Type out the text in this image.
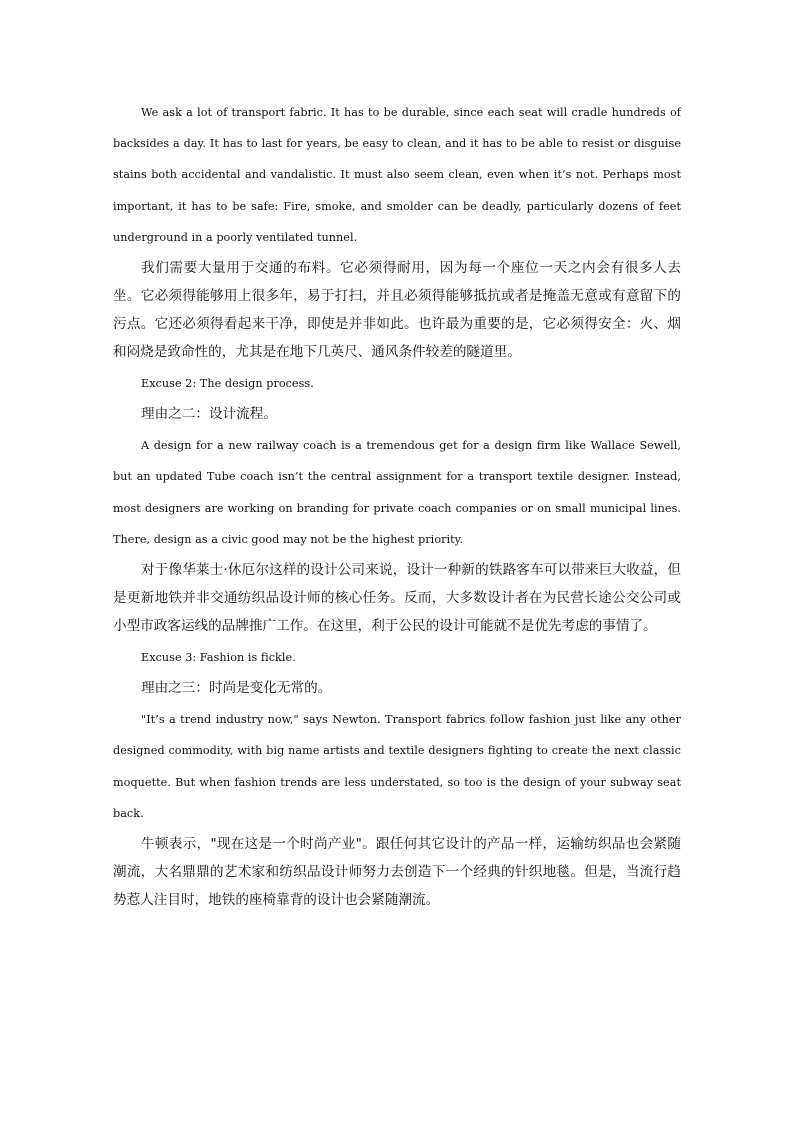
We ask a lot of transport fabric. It has to be durable, since each seat will cradle hundreds of backsides a day. It has to last for years, be easy to clean, and it has to be able to resist or disguise stains both accidental and vandalistic. It must also seem clean, even when it’s not. Perhaps most important, it has to be safe: Fire, smoke, and smolder can be deadly, particularly dozens of feet underground in a poorly ventilated tunnel.

我们需要大量用于交通的布料。它必须得耐用，因为每一个座位一天之内会有很多人去坐。它必须得能够用上很多年，易于打扫，并且必须得能够抵抗或者是掩盖无意或有意留下的污点。它还必须得看起来干净，即使是并非如此。也许最为重要的是，它必须得安全：火、烟和闷烧是致命性的，尤其是在地下几英尺、通风条件较差的隧道里。

Excuse 2: The design process.

理由之二：设计流程。

A design for a new railway coach is a tremendous get for a design firm like Wallace Sewell, but an updated Tube coach isn’t the central assignment for a transport textile designer. Instead, most designers are working on branding for private coach companies or on small municipal lines. There, design as a civic good may not be the highest priority.

对于像华莱士·休厄尔这样的设计公司来说，设计一种新的铁路客车可以带来巨大收益，但是更新地铁并非交通纺织品设计师的核心任务。反而，大多数设计者在为民营长途公交公司或小型市政客运线的品牌推广工作。在这里，利于公民的设计可能就不是优先考虑的事情了。

Excuse 3: Fashion is fickle.

理由之三：时尚是变化无常的。

"It’s a trend industry now," says Newton. Transport fabrics follow fashion just like any other designed commodity, with big name artists and textile designers fighting to create the next classic moquette. But when fashion trends are less understated, so too is the design of your subway seat back.

牛顿表示，"现在这是一个时尚产业"。跟任何其它设计的产品一样，运输纺织品也会紧随潮流，大名鼎鼎的艺术家和纺织品设计师努力去创造下一个经典的针织地毯。但是，当流行趋势惹人注目时，地铁的座椅靠背的设计也会紧随潮流。
